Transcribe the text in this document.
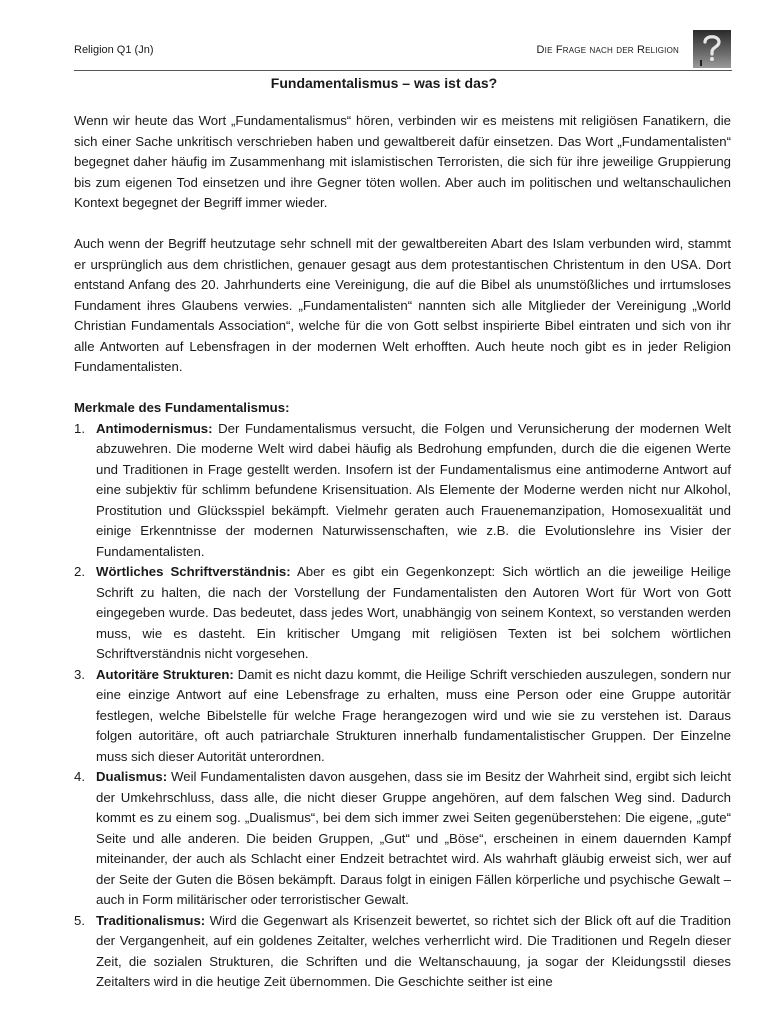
Religion Q1 (Jn)	Die Frage nach der Religion
Fundamentalismus – was ist das?

Wenn wir heute das Wort „Fundamentalismus“ hören, verbinden wir es meistens mit religiösen Fanatikern, die sich einer Sache unkritisch verschrieben haben und gewaltbereit dafür einsetzen. Das Wort „Fundamentalisten“ begegnet daher häufig im Zusammenhang mit islamistischen Terroristen, die sich für ihre jeweilige Gruppierung bis zum eigenen Tod einsetzen und ihre Gegner töten wollen. Aber auch im politischen und weltanschaulichen Kontext begegnet der Begriff immer wieder.

Auch wenn der Begriff heutzutage sehr schnell mit der gewaltbereiten Abart des Islam verbunden wird, stammt er ursprünglich aus dem christlichen, genauer gesagt aus dem protestantischen Christentum in den USA. Dort entstand Anfang des 20. Jahrhunderts eine Vereinigung, die auf die Bibel als unumstößliches und irrtumsloses Fundament ihres Glaubens verwies. „Fundamentalisten“ nannten sich alle Mitglieder der Vereinigung „World Christian Fundamentals Association“, welche für die von Gott selbst inspirierte Bibel eintraten und sich von ihr alle Antworten auf Lebensfragen in der modernen Welt erhofften. Auch heute noch gibt es in jeder Religion Fundamentalisten.

Merkmale des Fundamentalismus:
1. Antimodernismus: Der Fundamentalismus versucht, die Folgen und Verunsicherung der modernen Welt abzuwehren. Die moderne Welt wird dabei häufig als Bedrohung empfunden, durch die die eigenen Werte und Traditionen in Frage gestellt werden. Insofern ist der Fundamentalismus eine antimoderne Antwort auf eine subjektiv für schlimm befundene Krisensituation. Als Elemente der Moderne werden nicht nur Alkohol, Prostitution und Glücksspiel bekämpft. Vielmehr geraten auch Frauenemanzipation, Homosexualität und einige Erkenntnisse der modernen Naturwissenschaften, wie z.B. die Evolutionslehre ins Visier der Fundamentalisten.
2. Wörtliches Schriftverständnis: Aber es gibt ein Gegenkonzept: Sich wörtlich an die jeweilige Heilige Schrift zu halten, die nach der Vorstellung der Fundamentalisten den Autoren Wort für Wort von Gott eingegeben wurde. Das bedeutet, dass jedes Wort, unabhängig von seinem Kontext, so verstanden werden muss, wie es dasteht. Ein kritischer Umgang mit religiösen Texten ist bei solchem wörtlichen Schriftverständnis nicht vorgesehen.
3. Autoritäre Strukturen: Damit es nicht dazu kommt, die Heilige Schrift verschieden auszulegen, sondern nur eine einzige Antwort auf eine Lebensfrage zu erhalten, muss eine Person oder eine Gruppe autoritär festlegen, welche Bibelstelle für welche Frage herangezogen wird und wie sie zu verstehen ist. Daraus folgen autoritäre, oft auch patriarchale Strukturen innerhalb fundamentalistischer Gruppen. Der Einzelne muss sich dieser Autorität unterordnen.
4. Dualismus: Weil Fundamentalisten davon ausgehen, dass sie im Besitz der Wahrheit sind, ergibt sich leicht der Umkehrschluss, dass alle, die nicht dieser Gruppe angehören, auf dem falschen Weg sind. Dadurch kommt es zu einem sog. „Dualismus“, bei dem sich immer zwei Seiten gegenüberstehen: Die eigene, „gute“ Seite und alle anderen. Die beiden Gruppen, „Gut“ und „Böse“, erscheinen in einem dauernden Kampf miteinander, der auch als Schlacht einer Endzeit betrachtet wird. Als wahrhaft gläubig erweist sich, wer auf der Seite der Guten die Bösen bekämpft. Daraus folgt in einigen Fällen körperliche und psychische Gewalt – auch in Form militärischer oder terroristischer Gewalt.
5. Traditionalismus: Wird die Gegenwart als Krisenzeit bewertet, so richtet sich der Blick oft auf die Tradition der Vergangenheit, auf ein goldenes Zeitalter, welches verherrlicht wird. Die Traditionen und Regeln dieser Zeit, die sozialen Strukturen, die Schriften und die Weltanschauung, ja sogar der Kleidungsstil dieses Zeitalters wird in die heutige Zeit übernommen. Die Geschichte seither ist eine
